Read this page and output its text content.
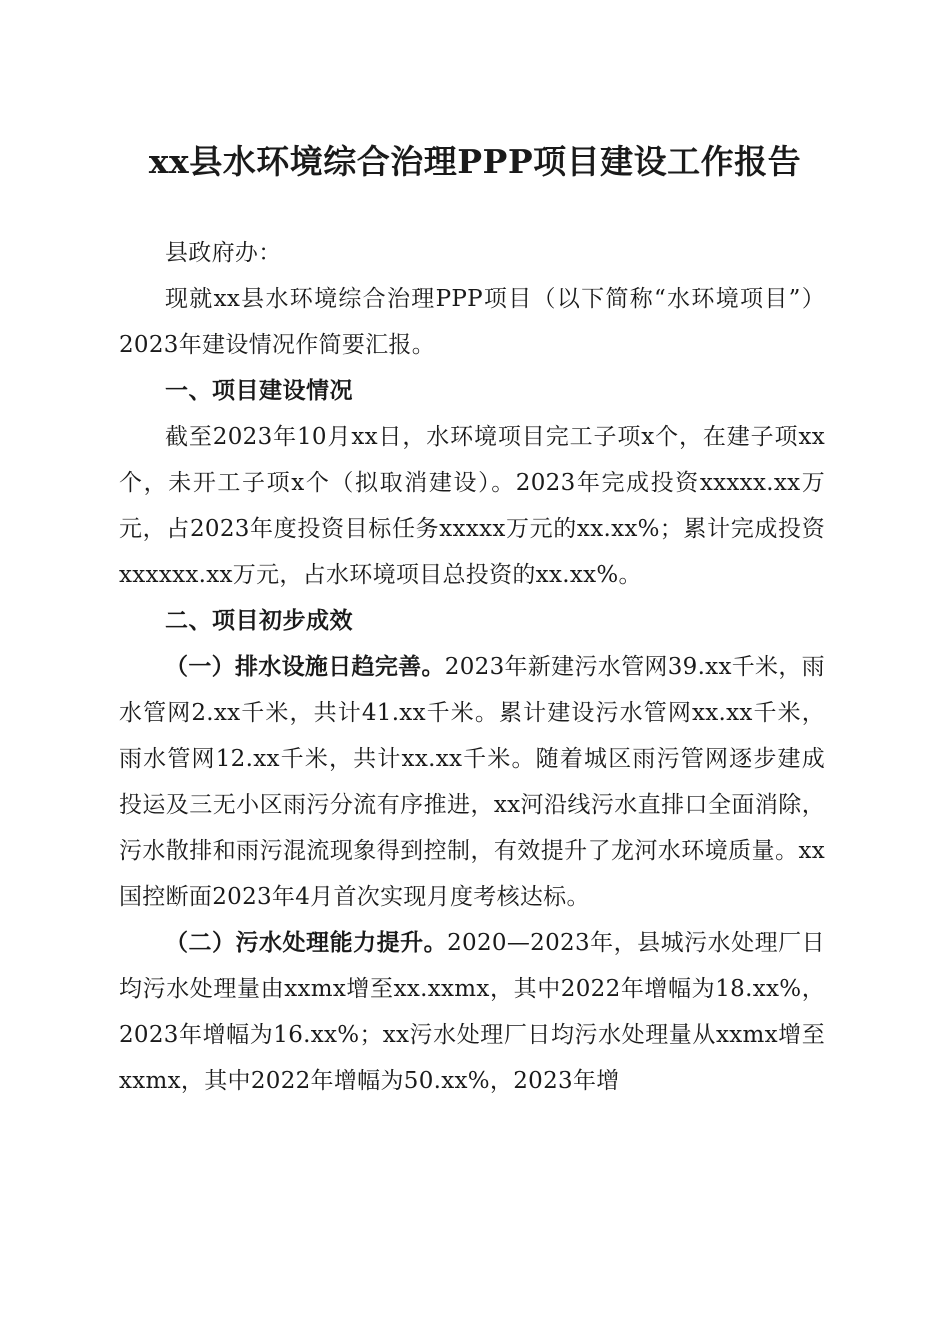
xx县水环境综合治理PPP项目建设工作报告

县政府办：

现就xx县水环境综合治理PPP项目（以下简称“水环境项目”）2023年建设情况作简要汇报。

一、项目建设情况

截至2023年10月xx日，水环境项目完工子项x个，在建子项xx个，未开工子项x个（拟取消建设）。2023年完成投资xxxxx.xx万元，占2023年度投资目标任务xxxxx万元的xx.xx%；累计完成投资xxxxxx.xx万元，占水环境项目总投资的xx.xx%。

二、项目初步成效

（一）排水设施日趋完善。2023年新建污水管网39.xx千米，雨水管网2.xx千米，共计41.xx千米。累计建设污水管网xx.xx千米，雨水管网12.xx千米，共计xx.xx千米。随着城区雨污管网逐步建成投运及三无小区雨污分流有序推进，xx河沿线污水直排口全面消除，污水散排和雨污混流现象得到控制，有效提升了龙河水环境质量。xx国控断面2023年4月首次实现月度考核达标。

（二）污水处理能力提升。2020—2023年，县城污水处理厂日均污水处理量由xxmx增至xx.xxmx，其中2022年增幅为18.xx%，2023年增幅为16.xx%；xx污水处理厂日均污水处理量从xxmx增至xxmx，其中2022年增幅为50.xx%，2023年增
